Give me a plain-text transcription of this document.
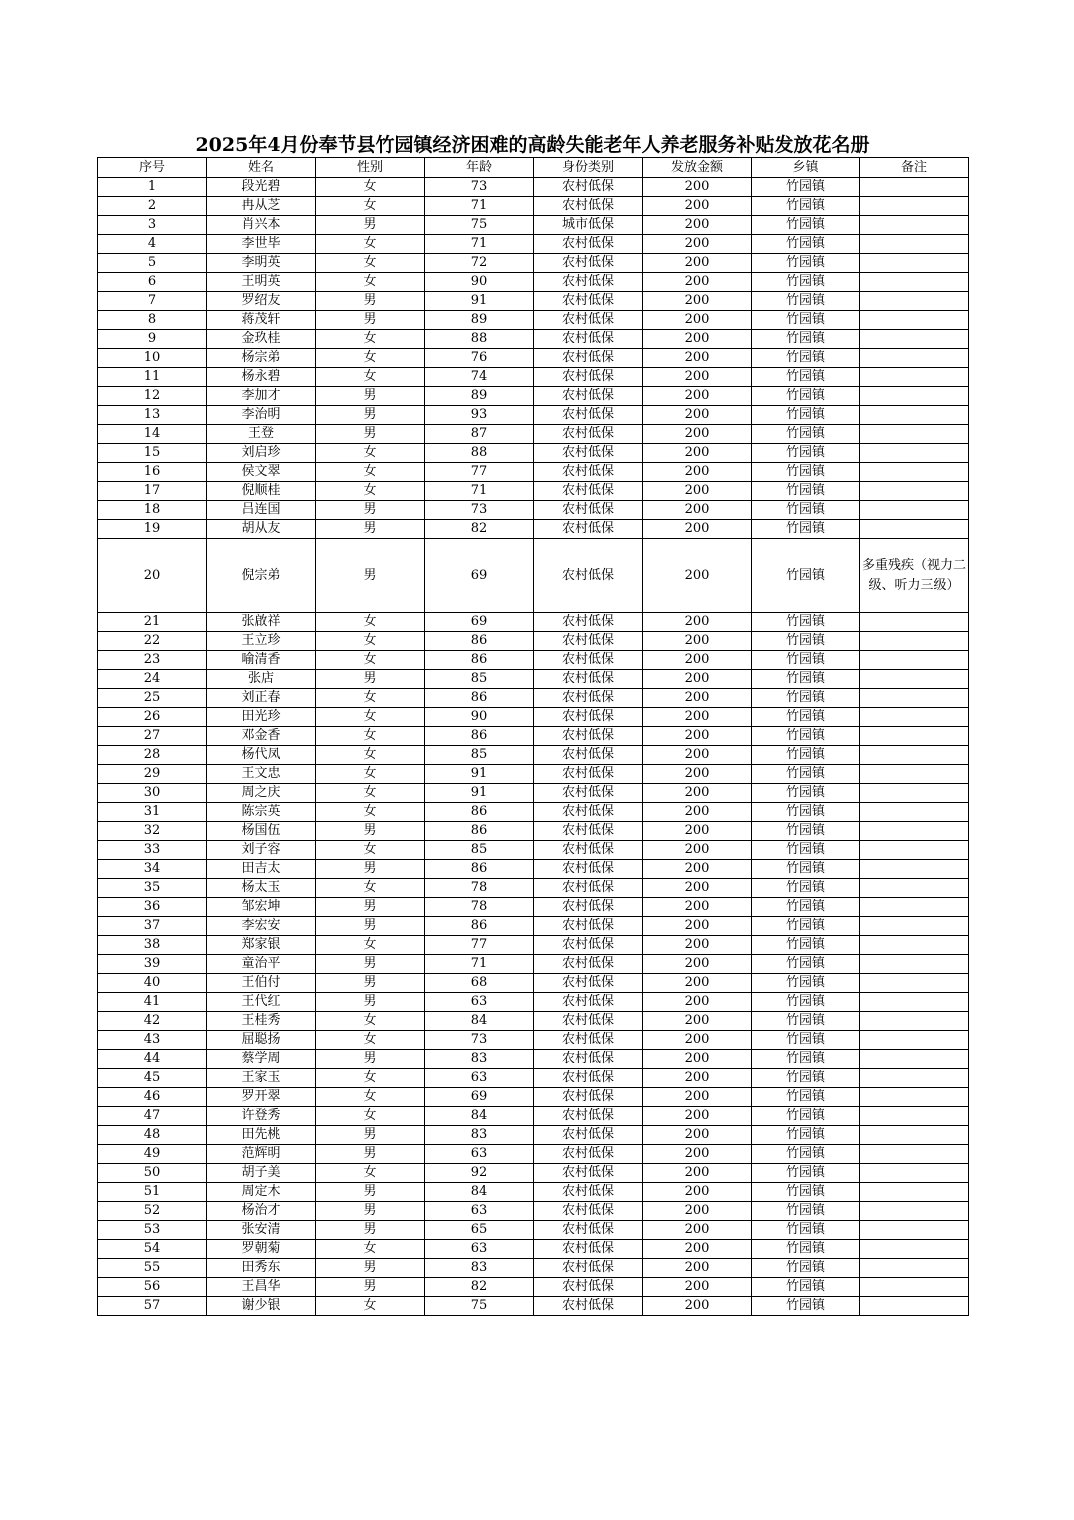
2025年4月份奉节县竹园镇经济困难的高龄失能老年人养老服务补贴发放花名册
序号	姓名	性别	年龄	身份类别	发放金额	乡镇	备注
1	段光碧	女	73	农村低保	200	竹园镇	
2	冉从芝	女	71	农村低保	200	竹园镇	
3	肖兴本	男	75	城市低保	200	竹园镇	
4	李世毕	女	71	农村低保	200	竹园镇	
5	李明英	女	72	农村低保	200	竹园镇	
6	王明英	女	90	农村低保	200	竹园镇	
7	罗绍友	男	91	农村低保	200	竹园镇	
8	蒋茂轩	男	89	农村低保	200	竹园镇	
9	金玖桂	女	88	农村低保	200	竹园镇	
10	杨宗弟	女	76	农村低保	200	竹园镇	
11	杨永碧	女	74	农村低保	200	竹园镇	
12	李加才	男	89	农村低保	200	竹园镇	
13	李治明	男	93	农村低保	200	竹园镇	
14	王登	男	87	农村低保	200	竹园镇	
15	刘启珍	女	88	农村低保	200	竹园镇	
16	侯文翠	女	77	农村低保	200	竹园镇	
17	倪顺桂	女	71	农村低保	200	竹园镇	
18	吕连国	男	73	农村低保	200	竹园镇	
19	胡从友	男	82	农村低保	200	竹园镇	
20	倪宗弟	男	69	农村低保	200	竹园镇	多重残疾（视力二级、听力三级）
21	张啟祥	女	69	农村低保	200	竹园镇	
22	王立珍	女	86	农村低保	200	竹园镇	
23	喻清香	女	86	农村低保	200	竹园镇	
24	张店	男	85	农村低保	200	竹园镇	
25	刘正春	女	86	农村低保	200	竹园镇	
26	田光珍	女	90	农村低保	200	竹园镇	
27	邓金香	女	86	农村低保	200	竹园镇	
28	杨代凤	女	85	农村低保	200	竹园镇	
29	王文忠	女	91	农村低保	200	竹园镇	
30	周之庆	女	91	农村低保	200	竹园镇	
31	陈宗英	女	86	农村低保	200	竹园镇	
32	杨国伍	男	86	农村低保	200	竹园镇	
33	刘子容	女	85	农村低保	200	竹园镇	
34	田吉太	男	86	农村低保	200	竹园镇	
35	杨太玉	女	78	农村低保	200	竹园镇	
36	邹宏坤	男	78	农村低保	200	竹园镇	
37	李宏安	男	86	农村低保	200	竹园镇	
38	郑家银	女	77	农村低保	200	竹园镇	
39	童治平	男	71	农村低保	200	竹园镇	
40	王伯付	男	68	农村低保	200	竹园镇	
41	王代红	男	63	农村低保	200	竹园镇	
42	王桂秀	女	84	农村低保	200	竹园镇	
43	屈聪扬	女	73	农村低保	200	竹园镇	
44	蔡学周	男	83	农村低保	200	竹园镇	
45	王家玉	女	63	农村低保	200	竹园镇	
46	罗开翠	女	69	农村低保	200	竹园镇	
47	许登秀	女	84	农村低保	200	竹园镇	
48	田先桃	男	83	农村低保	200	竹园镇	
49	范辉明	男	63	农村低保	200	竹园镇	
50	胡子美	女	92	农村低保	200	竹园镇	
51	周定木	男	84	农村低保	200	竹园镇	
52	杨治才	男	63	农村低保	200	竹园镇	
53	张安清	男	65	农村低保	200	竹园镇	
54	罗朝菊	女	63	农村低保	200	竹园镇	
55	田秀东	男	83	农村低保	200	竹园镇	
56	王昌华	男	82	农村低保	200	竹园镇	
57	谢少银	女	75	农村低保	200	竹园镇	
